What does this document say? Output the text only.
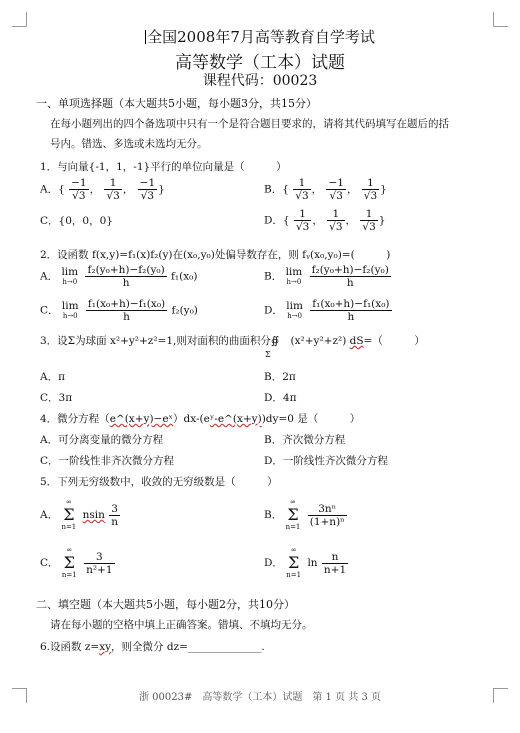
全国2008年7月高等教育自学考试
高等数学（工本）试题
课程代码：00023
一、单项选择题（本大题共5小题，每小题3分，共15分）
在每小题列出的四个备选项中只有一个是符合题目要求的，请将其代码填写在题后的括
号内。错选、多选或未选均无分。
1．与向量{-1，1，-1}平行的单位向量是（　　　）
A．{ $\frac{-1}{√3}$ ， $\frac{1}{√3}$ ， $\frac{-1}{√3}$ }	B．{ $\frac{1}{√3}$ ， $\frac{-1}{√3}$ ， $\frac{1}{√3}$ }
C．{0，0，0}	D．{ $\frac{1}{√3}$ ， $\frac{1}{√3}$ ， $\frac{1}{√3}$ }
2．设函数 f(x,y)=f₁(x)f₂(y)在(x₀,y₀)处偏导数存在，则 fᵧ(x₀,y₀)=(　　　)
A． lim
h→0
$\frac{\text{f₂(y₀+h)−f₂(y₀)}}{h} f_1(x_0)$	B． lim
h→0
$\frac{\text{f₂(y₀+h)−f₂(y₀)}}{h}$
C． lim
h→0
$\frac{\text{f₁(x₀+h)−f₁(x₀)}}{h} f_2(y_0)$	D． lim
h→0
$\frac{\text{f₁(x₀+h)−f₁(x₀)}}{h}$
3．设Σ为球面 x²+y²+z²=1,则对面积的曲面积分∯ (x²+y²+z²) dS=（　　　）
Σ
A．π	B．2π
C．3π	D．4π
4．微分方程（e^(x+y)−eˣ）dx-(eʸ-e^(x+y))dy=0 是（　　　）
A．可分离变量的微分方程	B．齐次微分方程
C．一阶线性非齐次微分方程	D．一阶线性齐次微分方程
5．下列无穷级数中，收敛的无穷级数是（　　　）
A．
∞
Σ
n=1
nsin $\frac{3}{n}$	B．
∞
Σ
n=1
$\frac{\text{3nⁿ}}{\text{(1+n)ⁿ}}$
C．
∞
Σ
n=1
$\frac{3}{\text{n²+1}}$	D．
∞
Σ
n=1
$\ln \frac{n}{n+1}$
二、填空题（本大题共5小题，每小题2分，共10分）
请在每小题的空格中填上正确答案。错填、不填均无分。
6.设函数 z=xy，则全微分 dz=______________.
浙 00023#　高等数学（工本）试题　第 1 页 共 3 页
